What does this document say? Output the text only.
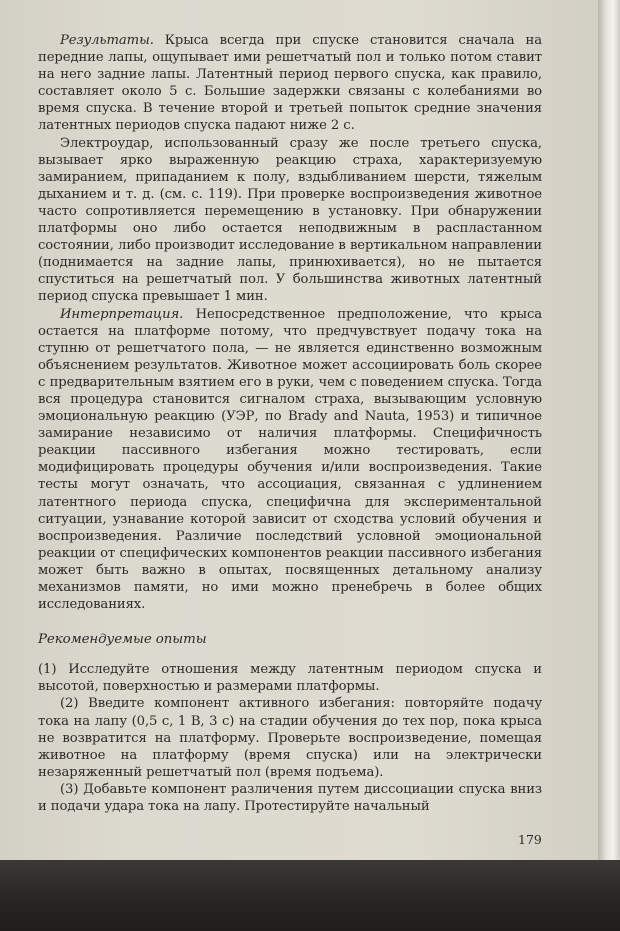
Результаты. Крыса всегда при спуске становится сначала на передние лапы, ощупывает ими решетчатый пол и только потом ставит на него задние лапы. Латентный период первого спуска, как правило, составляет около 5 с. Большие задержки связаны с колебаниями во время спуска. В течение второй и третьей попыток средние значения латентных периодов спуска падают ниже 2 с.

Электроудар, использованный сразу же после третьего спуска, вызывает ярко выраженную реакцию страха, характеризуемую замиранием, припаданием к полу, вздыбливанием шерсти, тяжелым дыханием и т. д. (см. с. 119). При проверке воспроизведения животное часто сопротивляется перемещению в установку. При обнаружении платформы оно либо остается неподвижным в распластанном состоянии, либо производит исследование в вертикальном направлении (поднимается на задние лапы, принюхивается), но не пытается спуститься на решетчатый пол. У большинства животных латентный период спуска превышает 1 мин.

Интерпретация. Непосредственное предположение, что крыса остается на платформе потому, что предчувствует подачу тока на ступню от решетчатого пола, — не является единственно возможным объяснением результатов. Животное может ассоциировать боль скорее с предварительным взятием его в руки, чем с поведением спуска. Тогда вся процедура становится сигналом страха, вызывающим условную эмоциональную реакцию (УЭР, по Brady and Nauta, 1953) и типичное замирание независимо от наличия платформы. Специфичность реакции пассивного избегания можно тестировать, если модифицировать процедуры обучения и/или воспроизведения. Такие тесты могут означать, что ассоциация, связанная с удлинением латентного периода спуска, специфична для экспериментальной ситуации, узнавание которой зависит от сходства условий обучения и воспроизведения. Различие последствий условной эмоциональной реакции от специфических компонентов реакции пассивного избегания может быть важно в опытах, посвященных детальному анализу механизмов памяти, но ими можно пренебречь в более общих исследованиях.

Рекомендуемые опыты

(1) Исследуйте отношения между латентным периодом спуска и высотой, поверхностью и размерами платформы.

(2) Введите компонент активного избегания: повторяйте подачу тока на лапу (0,5 с, 1 В, 3 с) на стадии обучения до тех пор, пока крыса не возвратится на платформу. Проверьте воспроизведение, помещая животное на платформу (время спуска) или на электрически незаряженный решетчатый пол (время подъема).

(3) Добавьте компонент различения путем диссоциации спуска вниз и подачи удара тока на лапу. Протестируйте начальный

179
